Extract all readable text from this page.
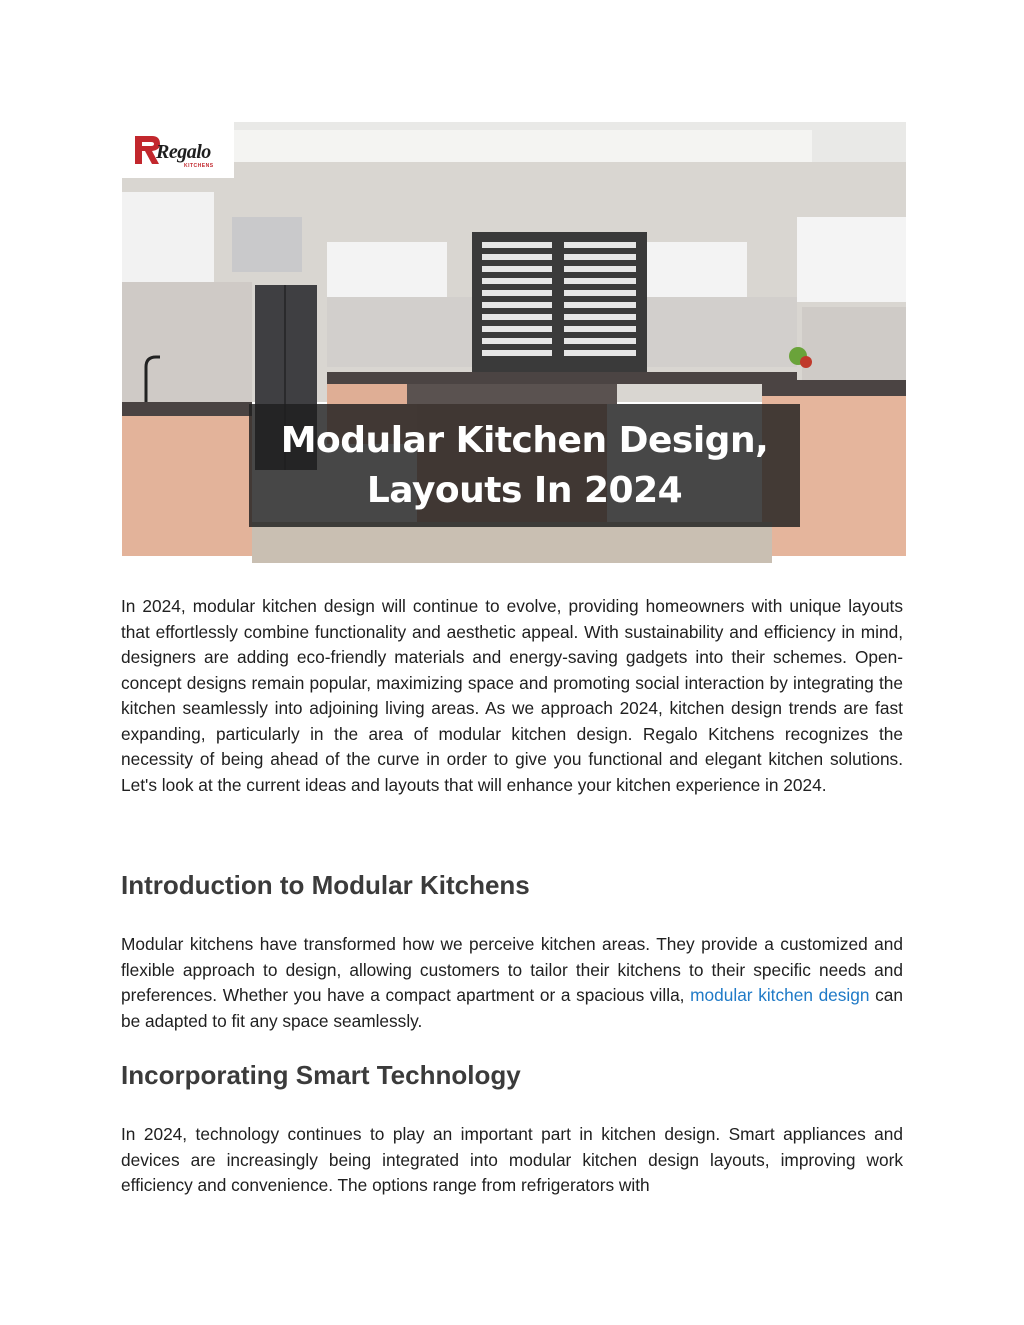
Regalo
KITCHENS
Modular Kitchen Design,
Layouts In 2024

In 2024, modular kitchen design will continue to evolve, providing homeowners with unique layouts that effortlessly combine functionality and aesthetic appeal. With sustainability and efficiency in mind, designers are adding eco-friendly materials and energy-saving gadgets into their schemes. Open-concept designs remain popular, maximizing space and promoting social interaction by integrating the kitchen seamlessly into adjoining living areas. As we approach 2024, kitchen design trends are fast expanding, particularly in the area of modular kitchen design. Regalo Kitchens recognizes the necessity of being ahead of the curve in order to give you functional and elegant kitchen solutions. Let's look at the current ideas and layouts that will enhance your kitchen experience in 2024.

Introduction to Modular Kitchens

Modular kitchens have transformed how we perceive kitchen areas. They provide a customized and flexible approach to design, allowing customers to tailor their kitchens to their specific needs and preferences. Whether you have a compact apartment or a spacious villa, modular kitchen design can be adapted to fit any space seamlessly.

Incorporating Smart Technology

In 2024, technology continues to play an important part in kitchen design. Smart appliances and devices are increasingly being integrated into modular kitchen design layouts, improving work efficiency and convenience. The options range from refrigerators with
